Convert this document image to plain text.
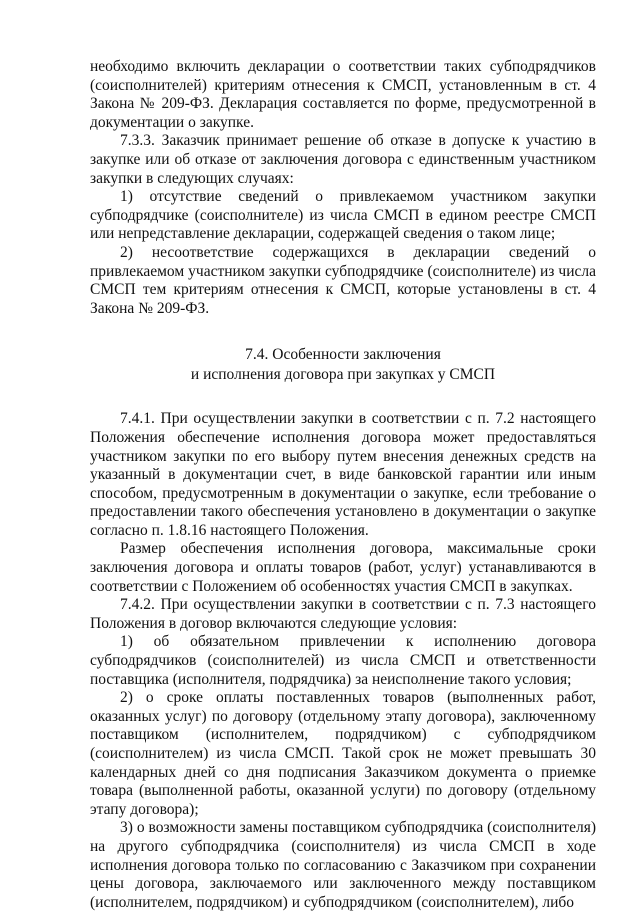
необходимо включить декларации о соответствии таких субподрядчиков (соисполнителей) критериям отнесения к СМСП, установленным в ст. 4 Закона № 209-ФЗ. Декларация составляется по форме, предусмотренной в документации о закупке.

7.3.3. Заказчик принимает решение об отказе в допуске к участию в закупке или об отказе от заключения договора с единственным участником закупки в следующих случаях:

1) отсутствие сведений о привлекаемом участником закупки субподрядчике (соисполнителе) из числа СМСП в едином реестре СМСП или непредставление декларации, содержащей сведения о таком лице;

2) несоответствие содержащихся в декларации сведений о привлекаемом участником закупки субподрядчике (соисполнителе) из числа СМСП тем критериям отнесения к СМСП, которые установлены в ст. 4 Закона № 209-ФЗ.

7.4. Особенности заключения
и исполнения договора при закупках у СМСП

7.4.1. При осуществлении закупки в соответствии с п. 7.2 настоящего Положения обеспечение исполнения договора может предоставляться участником закупки по его выбору путем внесения денежных средств на указанный в документации счет, в виде банковской гарантии или иным способом, предусмотренным в документации о закупке, если требование о предоставлении такого обеспечения установлено в документации о закупке согласно п. 1.8.16 настоящего Положения.

Размер обеспечения исполнения договора, максимальные сроки заключения договора и оплаты товаров (работ, услуг) устанавливаются в соответствии с Положением об особенностях участия СМСП в закупках.

7.4.2. При осуществлении закупки в соответствии с п. 7.3 настоящего Положения в договор включаются следующие условия:

1) об обязательном привлечении к исполнению договора субподрядчиков (соисполнителей) из числа СМСП и ответственности поставщика (исполнителя, подрядчика) за неисполнение такого условия;

2) о сроке оплаты поставленных товаров (выполненных работ, оказанных услуг) по договору (отдельному этапу договора), заключенному поставщиком (исполнителем, подрядчиком) с субподрядчиком (соисполнителем) из числа СМСП. Такой срок не может превышать 30 календарных дней со дня подписания Заказчиком документа о приемке товара (выполненной работы, оказанной услуги) по договору (отдельному этапу договора);

3) о возможности замены поставщиком субподрядчика (соисполнителя) на другого субподрядчика (соисполнителя) из числа СМСП в ходе исполнения договора только по согласованию с Заказчиком при сохранении цены договора, заключаемого или заключенного между поставщиком (исполнителем, подрядчиком) и субподрядчиком (соисполнителем), либо
